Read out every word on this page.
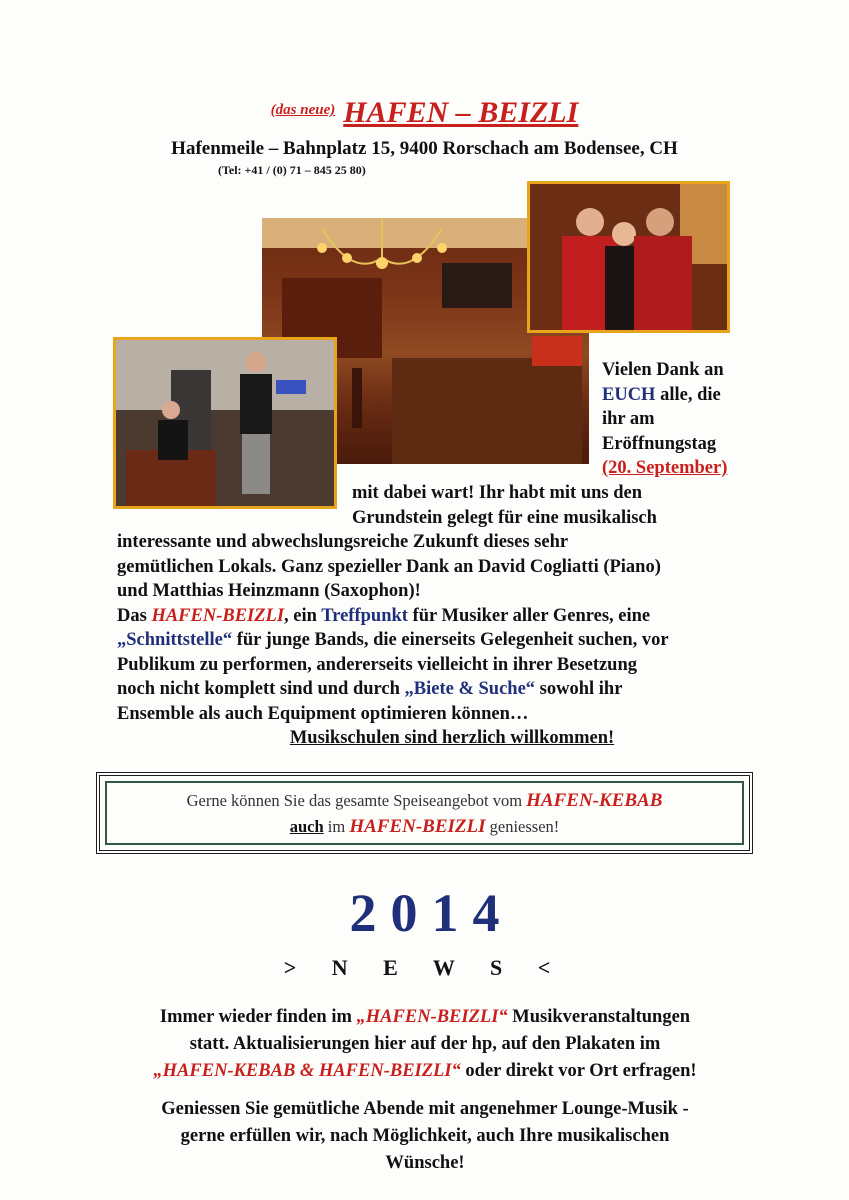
(das neue) HAFEN – BEIZLI
Hafenmeile – Bahnplatz 15, 9400 Rorschach am Bodensee, CH
(Tel: +41 / (0) 71 – 845 25 80)
Vielen Dank an
EUCH alle, die
ihr am
Eröffnungstag
(20. September)
mit dabei wart! Ihr habt mit uns den
Grundstein gelegt für eine musikalisch
interessante und abwechslungsreiche Zukunft dieses sehr
gemütlichen Lokals. Ganz spezieller Dank an David Cogliatti (Piano)
und Matthias Heinzmann (Saxophon)!
Das HAFEN-BEIZLI, ein Treffpunkt für Musiker aller Genres, eine
„Schnittstelle“ für junge Bands, die einerseits Gelegenheit suchen, vor
Publikum zu performen, andererseits vielleicht in ihrer Besetzung
noch nicht komplett sind und durch „Biete & Suche“ sowohl ihr
Ensemble als auch Equipment optimieren können…
Musikschulen sind herzlich willkommen!
Gerne können Sie das gesamte Speiseangebot vom HAFEN-KEBAB
auch im HAFEN-BEIZLI geniessen!
2014
> N E W S <
Immer wieder finden im „HAFEN-BEIZLI“ Musikveranstaltungen
statt. Aktualisierungen hier auf der hp, auf den Plakaten im
„HAFEN-KEBAB & HAFEN-BEIZLI“ oder direkt vor Ort erfragen!
Geniessen Sie gemütliche Abende mit angenehmer Lounge-Musik -
gerne erfüllen wir, nach Möglichkeit, auch Ihre musikalischen
Wünsche!
